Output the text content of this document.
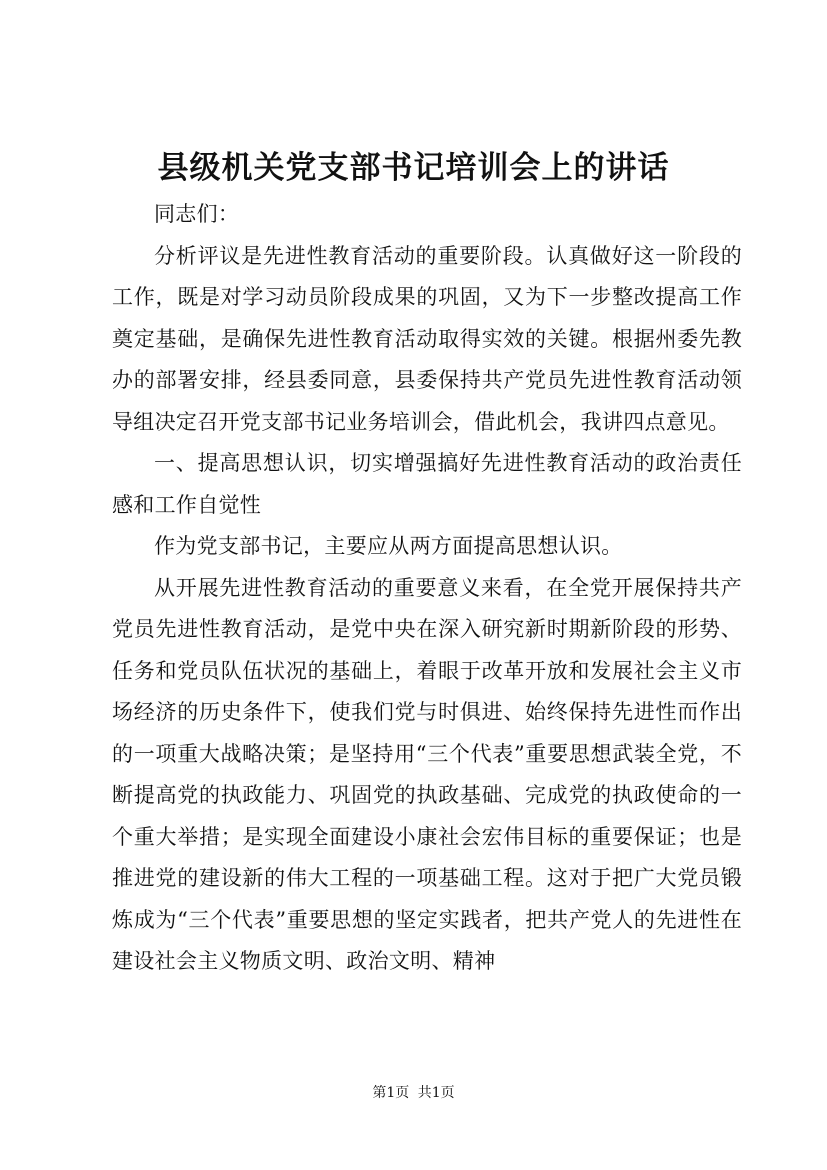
县级机关党支部书记培训会上的讲话

同志们：

分析评议是先进性教育活动的重要阶段。认真做好这一阶段的工作，既是对学习动员阶段成果的巩固，又为下一步整改提高工作奠定基础，是确保先进性教育活动取得实效的关键。根据州委先教办的部署安排，经县委同意，县委保持共产党员先进性教育活动领导组决定召开党支部书记业务培训会，借此机会，我讲四点意见。

一、提高思想认识，切实增强搞好先进性教育活动的政治责任感和工作自觉性

作为党支部书记，主要应从两方面提高思想认识。

从开展先进性教育活动的重要意义来看，在全党开展保持共产党员先进性教育活动，是党中央在深入研究新时期新阶段的形势、任务和党员队伍状况的基础上，着眼于改革开放和发展社会主义市场经济的历史条件下，使我们党与时俱进、始终保持先进性而作出的一项重大战略决策；是坚持用“三个代表”重要思想武装全党，不断提高党的执政能力、巩固党的执政基础、完成党的执政使命的一个重大举措；是实现全面建设小康社会宏伟目标的重要保证；也是推进党的建设新的伟大工程的一项基础工程。这对于把广大党员锻炼成为“三个代表”重要思想的坚定实践者，把共产党人的先进性在建设社会主义物质文明、政治文明、精神

第1页 共1页
